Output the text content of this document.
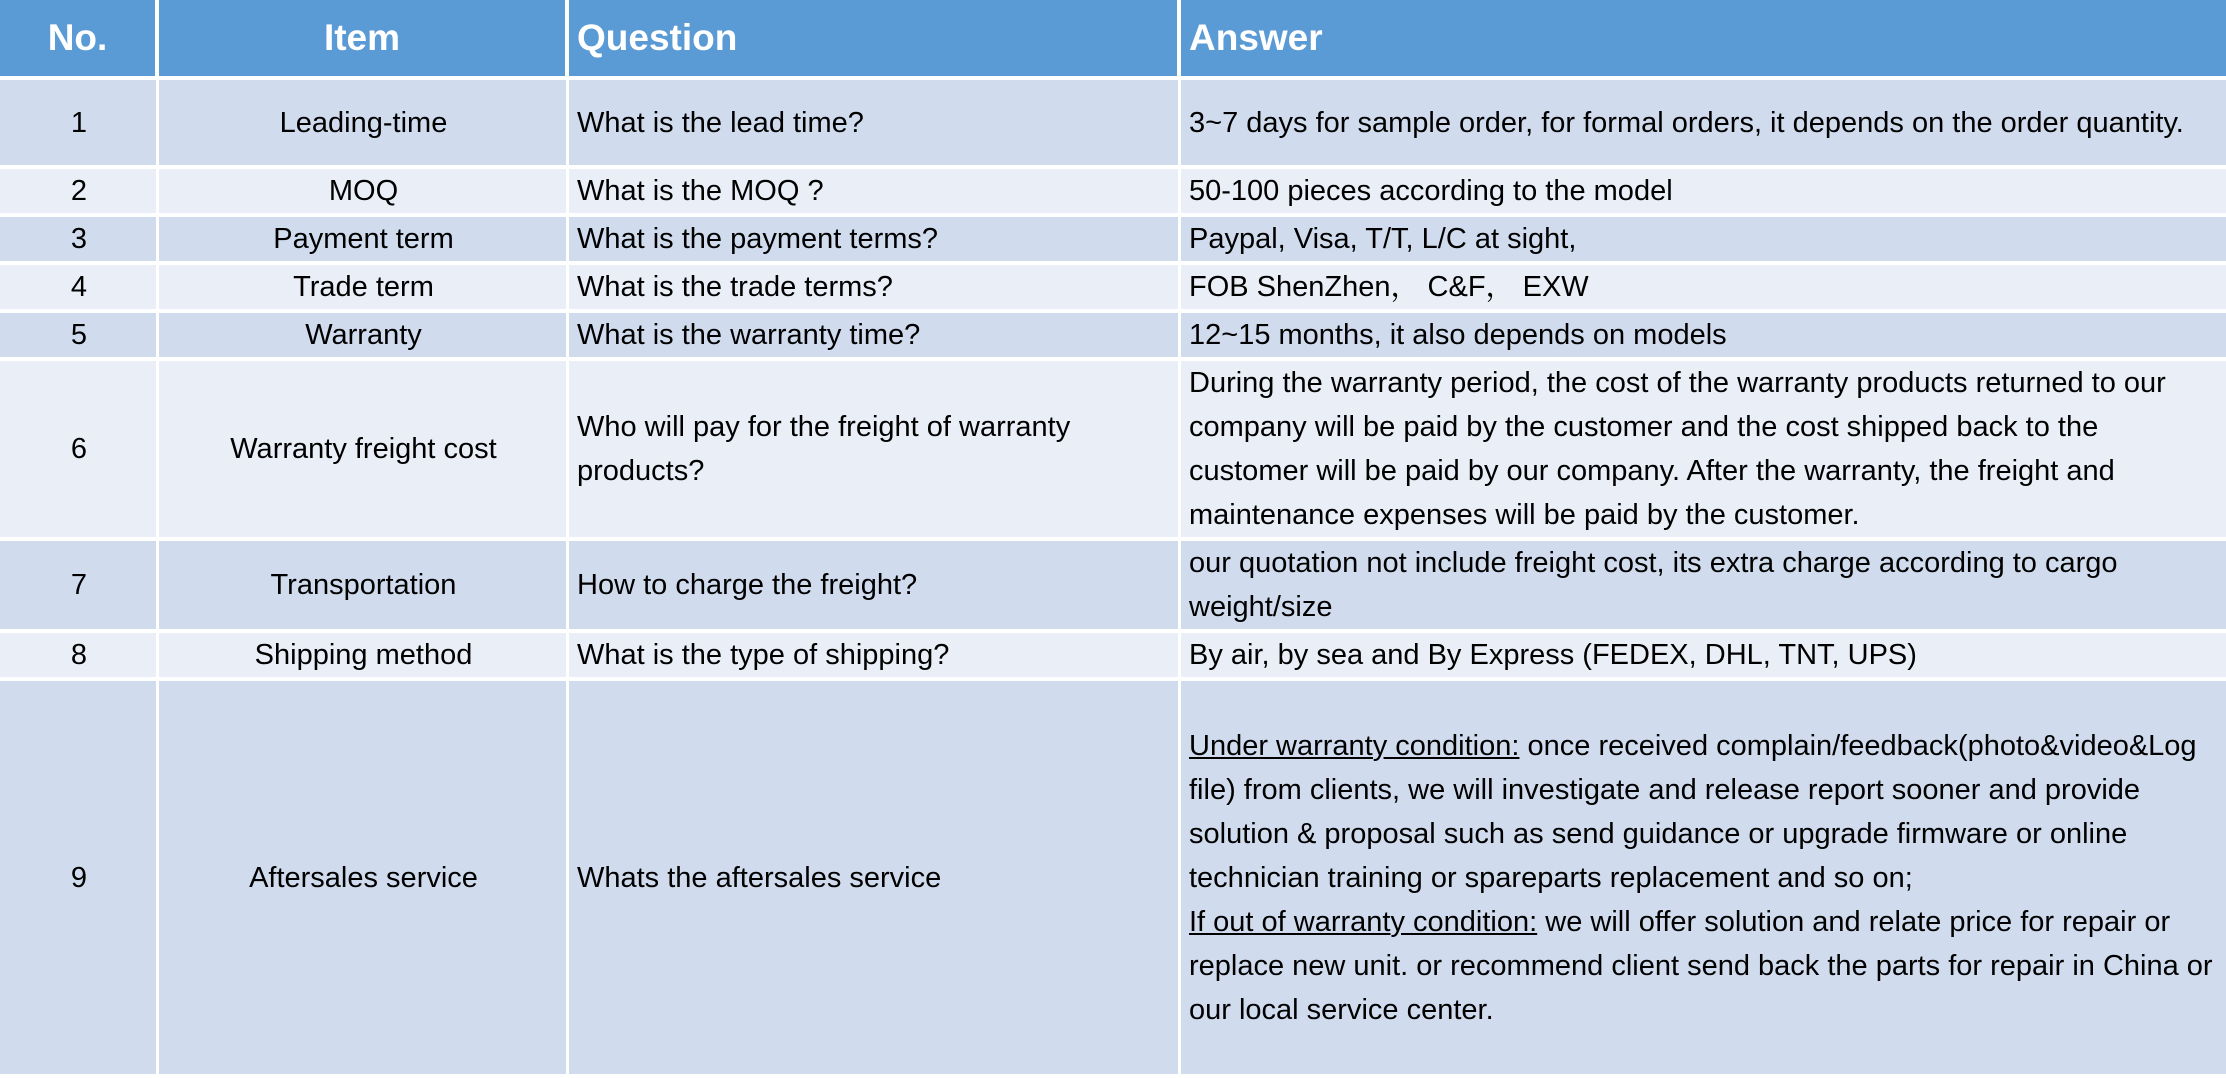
No.	Item	Question	Answer
1	Leading-time	What is the lead time?	3~7 days for sample order, for formal orders, it depends on the order quantity.
2	MOQ	What is the MOQ ?	50-100 pieces according to the model
3	Payment term	What is the payment terms?	Paypal, Visa, T/T, L/C at sight,
4	Trade term	What is the trade terms?	FOB ShenZhen， C&F， EXW
5	Warranty	What is the warranty time?	12~15 months, it also depends on models
6	Warranty freight cost	Who will pay for the freight of warranty products?	During the warranty period, the cost of the warranty products returned to our company will be paid by the customer and the cost shipped back to the customer will be paid by our company. After the warranty, the freight and maintenance expenses will be paid by the customer.
7	Transportation	How to charge the freight?	our quotation not include freight cost, its extra charge according to cargo weight/size
8	Shipping method	What is the type of shipping?	By air, by sea and By Express (FEDEX, DHL, TNT, UPS)
9	Aftersales service	Whats the aftersales service	Under warranty condition: once received complain/feedback(photo&video&Log file) from clients, we will investigate and release report sooner and provide solution & proposal such as send guidance or upgrade firmware or online technician training or spareparts replacement and so on;
If out of warranty condition: we will offer solution and relate price for repair or replace new unit. or recommend client send back the parts for repair in China or our local service center.
